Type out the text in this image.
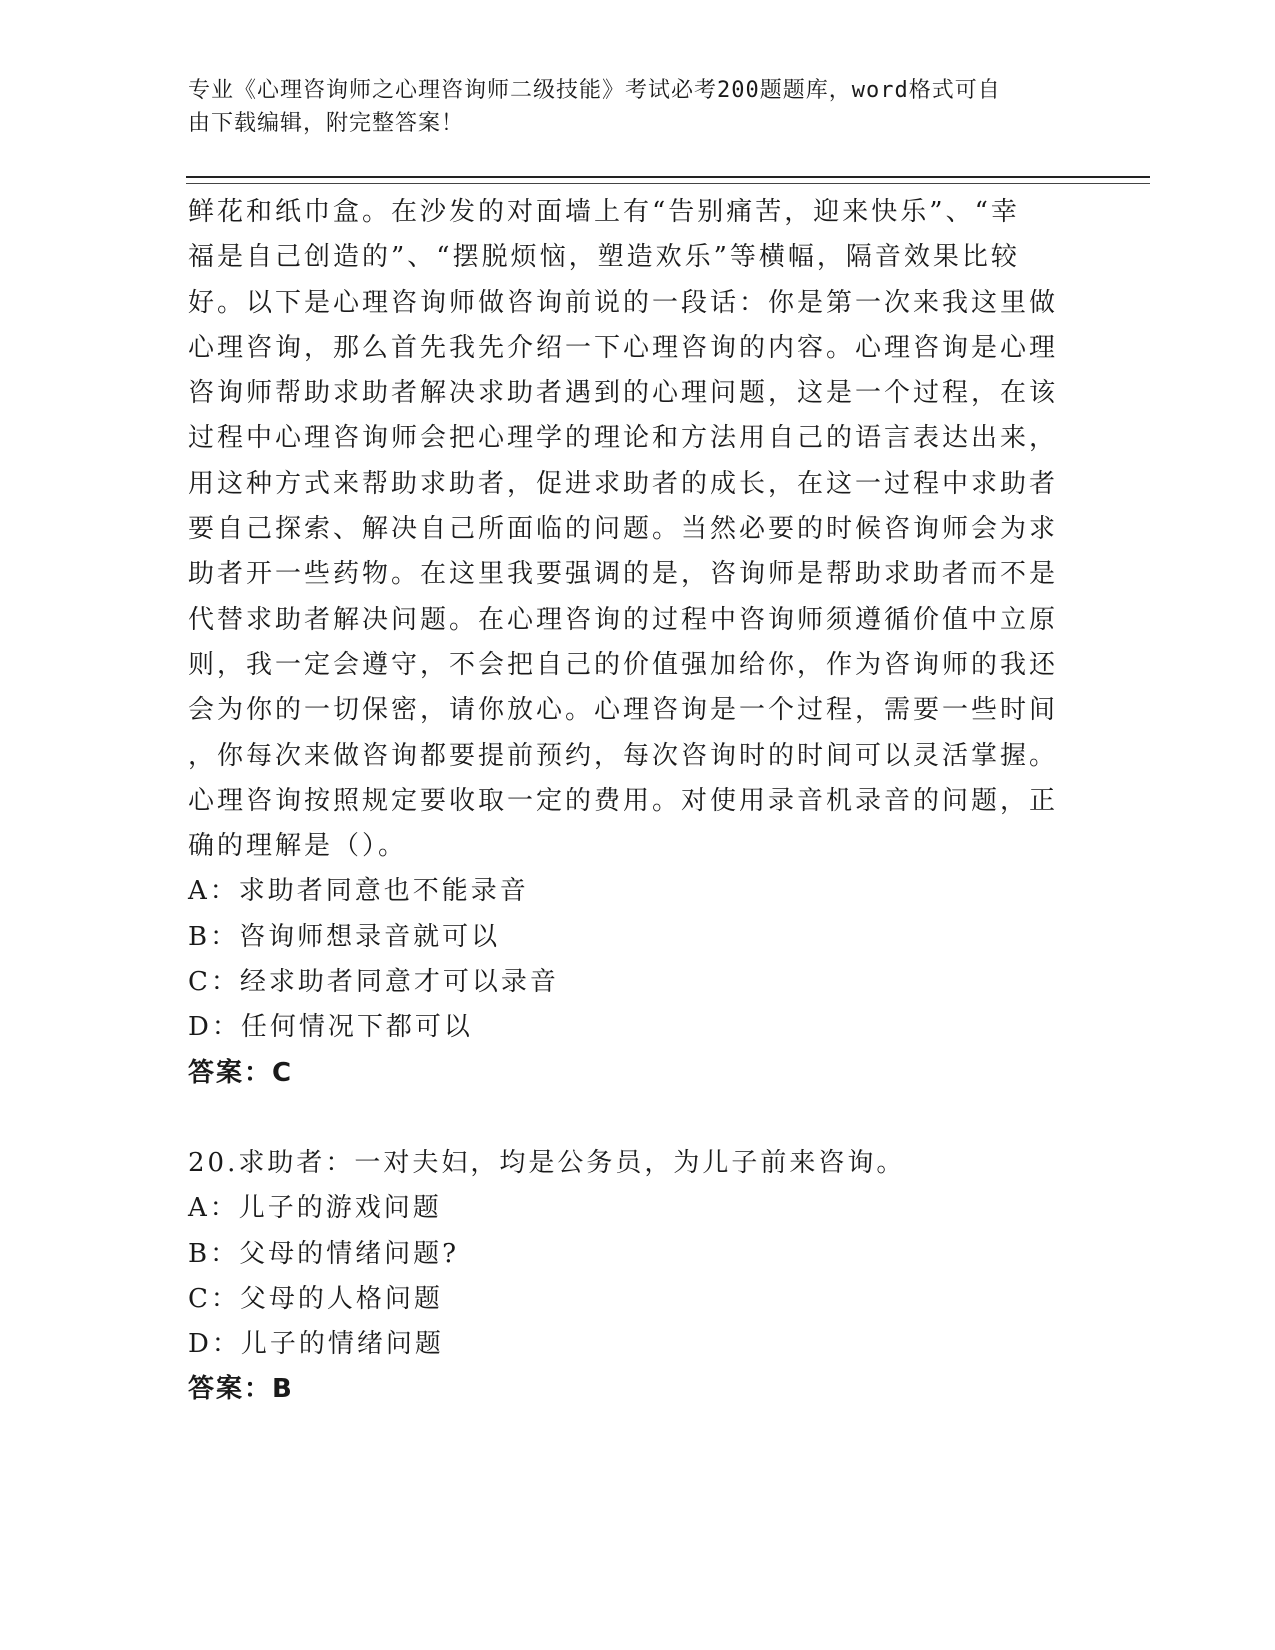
专业《心理咨询师之心理咨询师二级技能》考试必考200题题库，word格式可自
由下载编辑，附完整答案！

鲜花和纸巾盒。在沙发的对面墙上有“告别痛苦，迎来快乐”、“幸

福是自己创造的”、“摆脱烦恼，塑造欢乐”等横幅，隔音效果比较

好。以下是心理咨询师做咨询前说的一段话：你是第一次来我这里做

心理咨询，那么首先我先介绍一下心理咨询的内容。心理咨询是心理

咨询师帮助求助者解决求助者遇到的心理问题，这是一个过程，在该

过程中心理咨询师会把心理学的理论和方法用自己的语言表达出来，

用这种方式来帮助求助者，促进求助者的成长，在这一过程中求助者

要自己探索、解决自己所面临的问题。当然必要的时候咨询师会为求

助者开一些药物。在这里我要强调的是，咨询师是帮助求助者而不是

代替求助者解决问题。在心理咨询的过程中咨询师须遵循价值中立原

则，我一定会遵守，不会把自己的价值强加给你，作为咨询师的我还

会为你的一切保密，请你放心。心理咨询是一个过程，需要一些时间

，你每次来做咨询都要提前预约，每次咨询时的时间可以灵活掌握。

心理咨询按照规定要收取一定的费用。对使用录音机录音的问题，正

确的理解是（）。

A：求助者同意也不能录音

B：咨询师想录音就可以

C：经求助者同意才可以录音

D：任何情况下都可以

答案：C

20.求助者：一对夫妇，均是公务员，为儿子前来咨询。

A：儿子的游戏问题

B：父母的情绪问题?

C：父母的人格问题

D：儿子的情绪问题

答案：B
